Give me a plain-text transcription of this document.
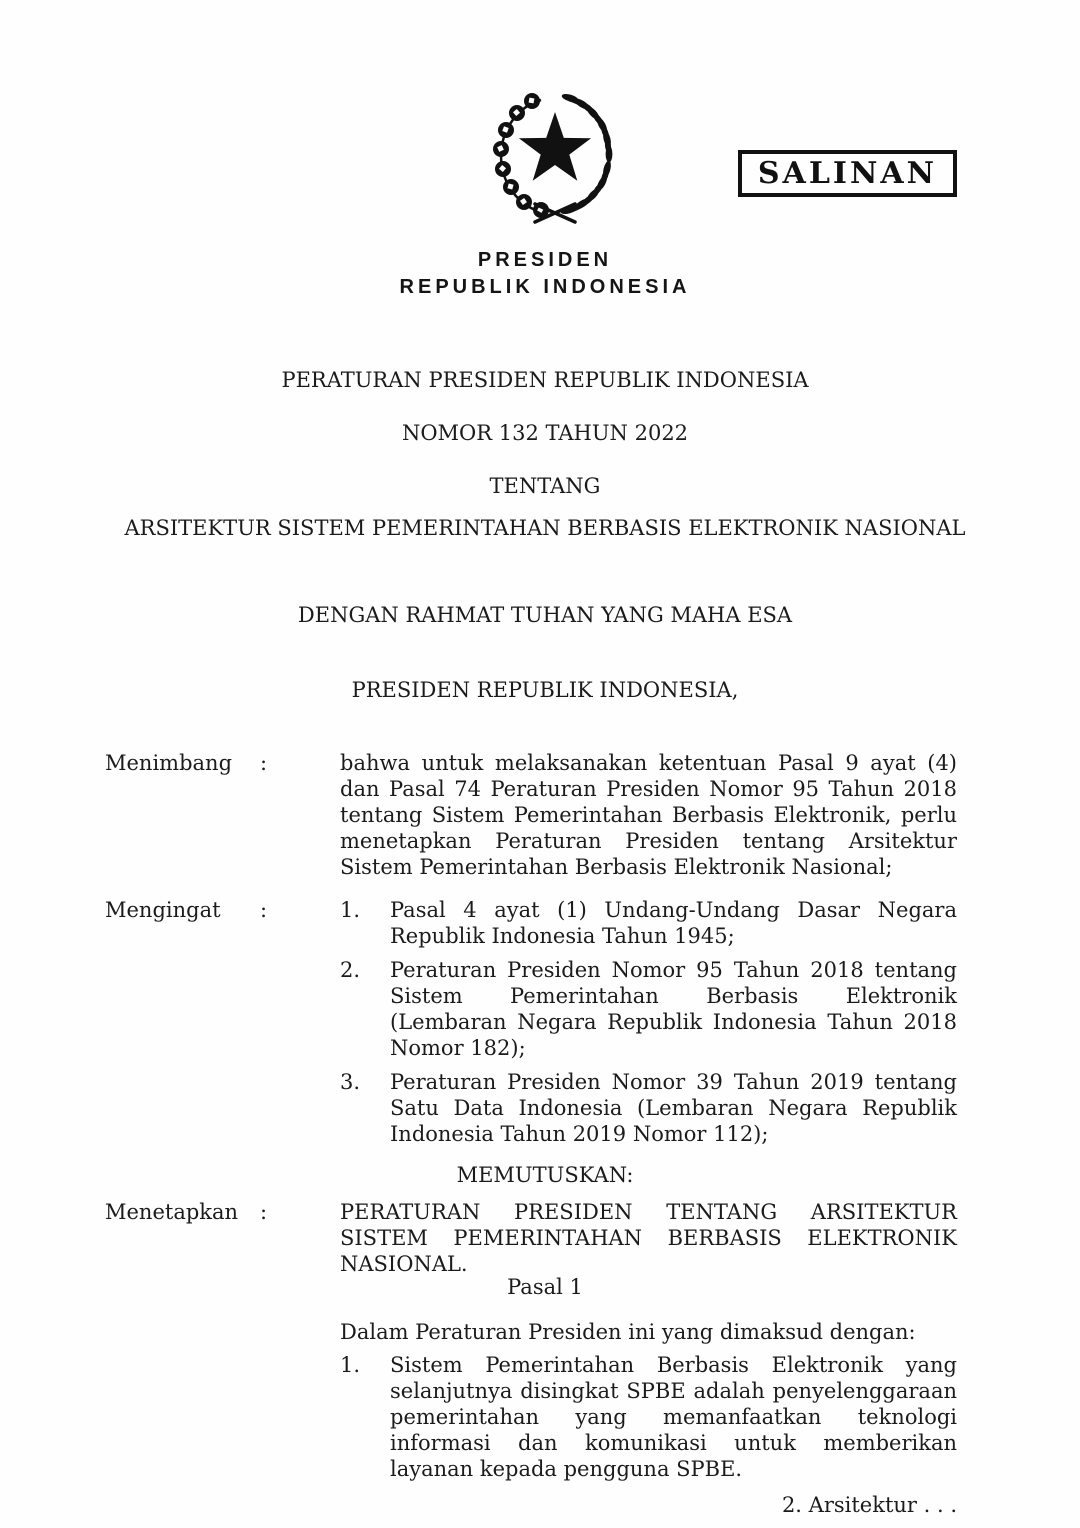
PRESIDEN
REPUBLIK INDONESIA
SALINAN
PERATURAN PRESIDEN REPUBLIK INDONESIA
NOMOR 132 TAHUN 2022
TENTANG
ARSITEKTUR SISTEM PEMERINTAHAN BERBASIS ELEKTRONIK NASIONAL
DENGAN RAHMAT TUHAN YANG MAHA ESA
PRESIDEN REPUBLIK INDONESIA,
Menimbang	:	bahwa untuk melaksanakan ketentuan Pasal 9 ayat (4) dan Pasal 74 Peraturan Presiden Nomor 95 Tahun 2018 tentang Sistem Pemerintahan Berbasis Elektronik, perlu menetapkan Peraturan Presiden tentang Arsitektur Sistem Pemerintahan Berbasis Elektronik Nasional;
Mengingat	:	1.	Pasal 4 ayat (1) Undang-Undang Dasar Negara Republik Indonesia Tahun 1945;
2.	Peraturan Presiden Nomor 95 Tahun 2018 tentang Sistem Pemerintahan Berbasis Elektronik (Lembaran Negara Republik Indonesia Tahun 2018 Nomor 182);
3.	Peraturan Presiden Nomor 39 Tahun 2019 tentang Satu Data Indonesia (Lembaran Negara Republik Indonesia Tahun 2019 Nomor 112);
MEMUTUSKAN:
Menetapkan	:	PERATURAN PRESIDEN TENTANG ARSITEKTUR SISTEM PEMERINTAHAN BERBASIS ELEKTRONIK NASIONAL.
Pasal 1
Dalam Peraturan Presiden ini yang dimaksud dengan:
1.	Sistem Pemerintahan Berbasis Elektronik yang selanjutnya disingkat SPBE adalah penyelenggaraan pemerintahan yang memanfaatkan teknologi informasi dan komunikasi untuk memberikan layanan kepada pengguna SPBE.
2. Arsitektur . . .
